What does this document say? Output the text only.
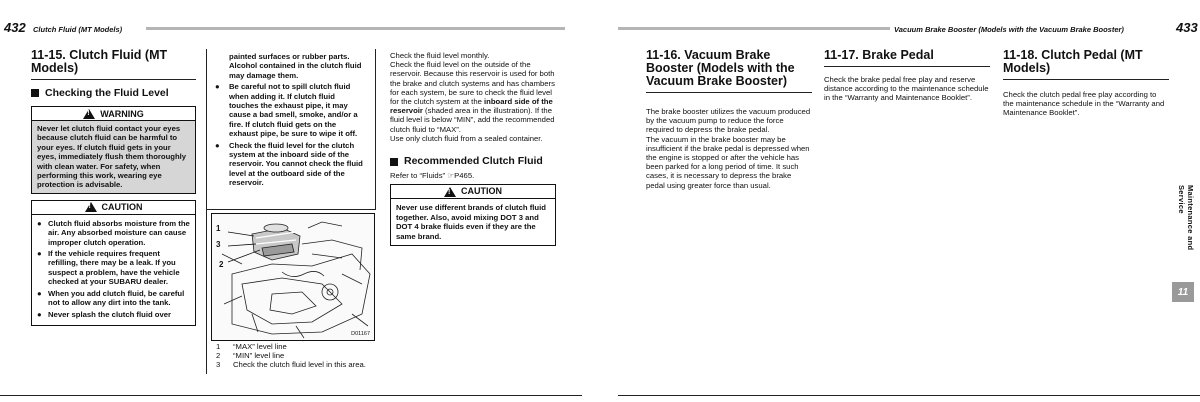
432 Clutch Fluid (MT Models)
11-15. Clutch Fluid (MT Models)
Checking the Fluid Level
!
WARNING
Never let clutch fluid contact your eyes because clutch fluid can be harmful to your eyes. If clutch fluid gets in your eyes, immediately flush them thoroughly with clean water. For safety, when performing this work, wearing eye protection is advisable.
!
CAUTION
● Clutch fluid absorbs moisture from the air. Any absorbed moisture can cause improper clutch operation.
● If the vehicle requires frequent refilling, there may be a leak. If you suspect a problem, have the vehicle checked at your SUBARU dealer.
● When you add clutch fluid, be careful not to allow any dirt into the tank.
● Never splash the clutch fluid over
painted surfaces or rubber parts. Alcohol contained in the clutch fluid may damage them.
●	Be careful not to spill clutch fluid when adding it. If clutch fluid touches the exhaust pipe, it may cause a bad smell, smoke, and/or a fire. If clutch fluid gets on the exhaust pipe, be sure to wipe it off.
●	Check the fluid level for the clutch system at the inboard side of the reservoir. You cannot check the fluid level at the outboard side of the reservoir.
1
3
2
D01167
1	“MAX” level line
2	“MIN” level line
3	Check the clutch fluid level in this area.
Check the fluid level monthly.
Check the fluid level on the outside of the reservoir. Because this reservoir is used for both the brake and clutch systems and has chambers for each system, be sure to check the fluid level for the clutch system at the inboard side of the reservoir (shaded area in the illustration). If the fluid level is below “MIN”, add the recommended clutch fluid to “MAX”.
Use only clutch fluid from a sealed container.
Recommended Clutch Fluid
Refer to “Fluids” ☞P465.
!
CAUTION
Never use different brands of clutch fluid together. Also, avoid mixing DOT 3 and DOT 4 brake fluids even if they are the same brand.
Vacuum Brake Booster (Models with the Vacuum Brake Booster)	433
11-16. Vacuum Brake Booster (Models with the Vacuum Brake Booster)
The brake booster utilizes the vacuum produced by the vacuum pump to reduce the force required to depress the brake pedal.
The vacuum in the brake booster may be insufficient if the brake pedal is depressed when the engine is stopped or after the vehicle has been parked for a long period of time. It such cases, it is necessary to depress the brake pedal using greater force than usual.
11-17. Brake Pedal
Check the brake pedal free play and reserve distance according to the maintenance schedule in the “Warranty and Maintenance Booklet”.
11-18. Clutch Pedal (MT Models)
Check the clutch pedal free play according to the maintenance schedule in the “Warranty and Maintenance Booklet”.
Maintenance and Service
11
